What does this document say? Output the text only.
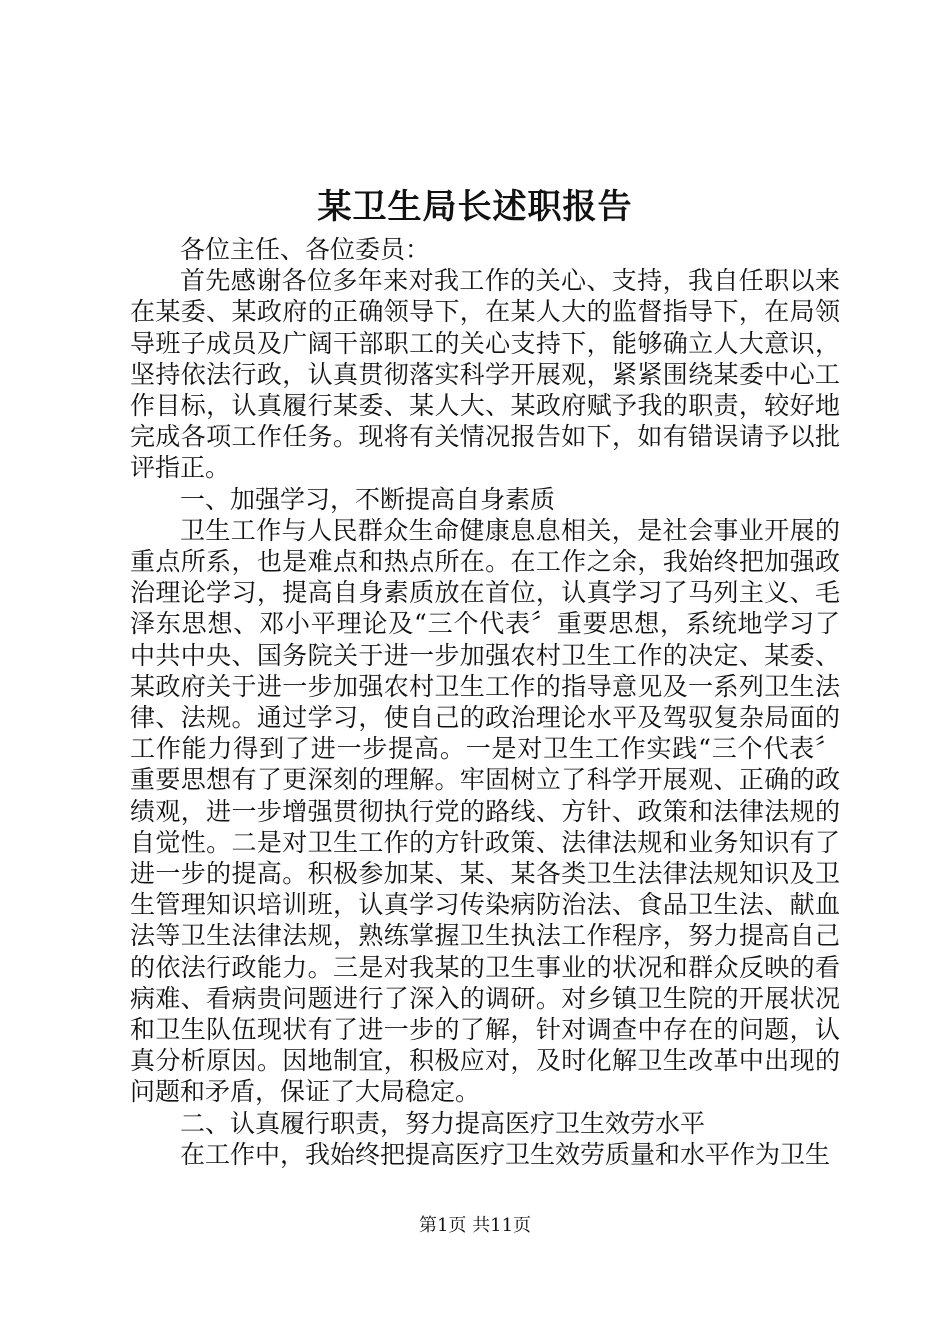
某卫生局长述职报告

各位主任、各位委员：

首先感谢各位多年来对我工作的关心、支持，我自任职以来在某委、某政府的正确领导下，在某人大的监督指导下，在局领导班子成员及广阔干部职工的关心支持下，能够确立人大意识，坚持依法行政，认真贯彻落实科学开展观，紧紧围绕某委中心工作目标，认真履行某委、某人大、某政府赋予我的职责，较好地完成各项工作任务。现将有关情况报告如下，如有错误请予以批评指正。

一、加强学习，不断提高自身素质

卫生工作与人民群众生命健康息息相关，是社会事业开展的重点所系，也是难点和热点所在。在工作之余，我始终把加强政治理论学习，提高自身素质放在首位，认真学习了马列主义、毛泽东思想、邓小平理论及“三个代表〞重要思想，系统地学习了中共中央、国务院关于进一步加强农村卫生工作的决定、某委、某政府关于进一步加强农村卫生工作的指导意见及一系列卫生法律、法规。通过学习，使自己的政治理论水平及驾驭复杂局面的工作能力得到了进一步提高。一是对卫生工作实践“三个代表〞重要思想有了更深刻的理解。牢固树立了科学开展观、正确的政绩观，进一步增强贯彻执行党的路线、方针、政策和法律法规的自觉性。二是对卫生工作的方针政策、法律法规和业务知识有了进一步的提高。积极参加某、某、某各类卫生法律法规知识及卫生管理知识培训班，认真学习传染病防治法、食品卫生法、献血法等卫生法律法规，熟练掌握卫生执法工作程序，努力提高自己的依法行政能力。三是对我某的卫生事业的状况和群众反映的看病难、看病贵问题进行了深入的调研。对乡镇卫生院的开展状况和卫生队伍现状有了进一步的了解，针对调查中存在的问题，认真分析原因。因地制宜，积极应对，及时化解卫生改革中出现的问题和矛盾，保证了大局稳定。

二、认真履行职责，努力提高医疗卫生效劳水平

在工作中，我始终把提高医疗卫生效劳质量和水平作为卫生

第1页 共11页
